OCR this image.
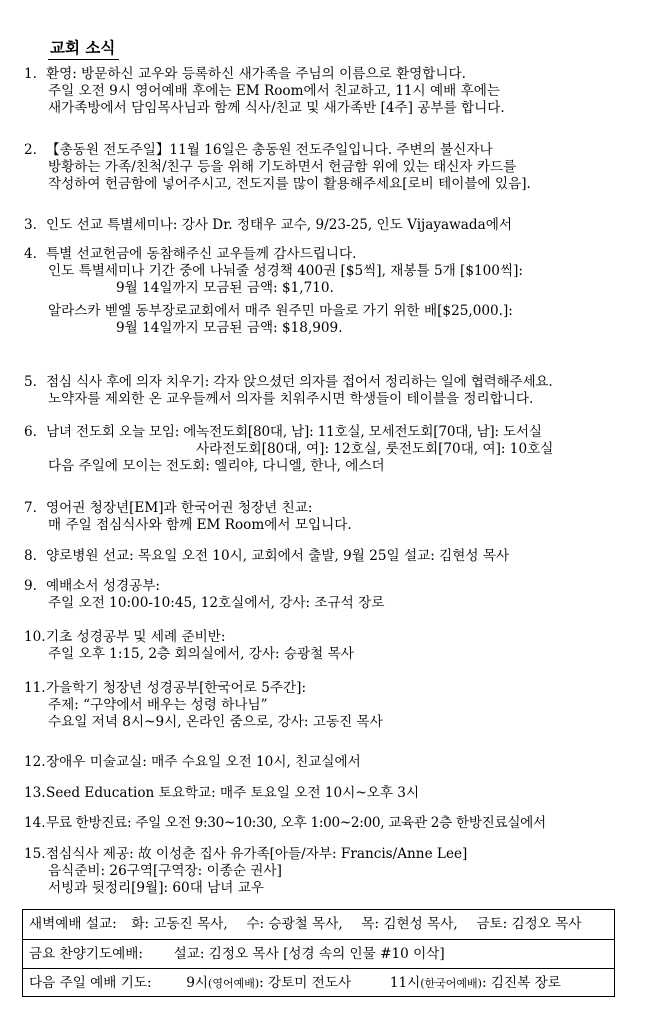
교회 소식
1. 환영: 방문하신 교우와 등록하신 새가족을 주님의 이름으로 환영합니다.
주일 오전 9시 영어예배 후에는 EM Room에서 친교하고, 11시 예배 후에는
새가족방에서 담임목사님과 함께 식사/친교 및 새가족반 [4주] 공부를 합니다.
2. 【총동원 전도주일】11월 16일은 총동원 전도주일입니다. 주변의 불신자나
방황하는 가족/친척/친구 등을 위해 기도하면서 헌금함 위에 있는 태신자 카드를
작성하여 헌금함에 넣어주시고, 전도지를 많이 활용해주세요[로비 테이블에 있음].
3. 인도 선교 특별세미나: 강사 Dr. 정태우 교수, 9/23-25, 인도 Vijayawada에서
4. 특별 선교헌금에 동참해주신 교우들께 감사드립니다.
인도 특별세미나 기간 중에 나눠줄 성경책 400권 [$5씩], 재봉틀 5개 [$100씩]:
9월 14일까지 모금된 금액: $1,710.
알라스카 벧엘 동부장로교회에서 매주 원주민 마을로 가기 위한 배[$25,000.]:
9월 14일까지 모금된 금액: $18,909.
5. 점심 식사 후에 의자 치우기: 각자 앉으셨던 의자를 접어서 정리하는 일에 협력해주세요.
노약자를 제외한 온 교우들께서 의자를 치워주시면 학생들이 테이블을 정리합니다.
6. 남녀 전도회 오늘 모임: 에녹전도회[80대, 남]: 11호실, 모세전도회[70대, 남]: 도서실
사라전도회[80대, 여]: 12호실, 룻전도회[70대, 여]: 10호실
다음 주일에 모이는 전도회: 엘리야, 다니엘, 한나, 에스더
7. 영어권 청장년[EM]과 한국어권 청장년 친교:
매 주일 점심식사와 함께 EM Room에서 모입니다.
8. 양로병원 선교: 목요일 오전 10시, 교회에서 출발, 9월 25일 설교: 김현성 목사
9. 예배소서 성경공부:
주일 오전 10:00-10:45, 12호실에서, 강사: 조규석 장로
10.기초 성경공부 및 세례 준비반:
주일 오후 1:15, 2층 회의실에서, 강사: 승광철 목사
11.가을학기 청장년 성경공부[한국어로 5주간]:
주제: “구약에서 배우는 성령 하나님”
수요일 저녁 8시~9시, 온라인 줌으로, 강사: 고동진 목사
12.장애우 미술교실: 매주 수요일 오전 10시, 친교실에서
13.Seed Education 토요학교: 매주 토요일 오전 10시~오후 3시
14.무료 한방진료: 주일 오전 9:30~10:30, 오후 1:00~2:00, 교육관 2층 한방진료실에서
15.점심식사 제공: 故 이성춘 집사 유가족[아들/자부: Francis/Anne Lee]
음식준비: 26구역[구역장: 이종순 권사]
서빙과 뒷정리[9월]: 60대 남녀 교우
새벽예배 설교: 화: 고동진 목사, 수: 승광철 목사, 목: 김현성 목사, 금토: 김정오 목사
금요 찬양기도예배: 설교: 김정오 목사 [성경 속의 인물 #10 이삭]
다음 주일 예배 기도:	9시(영어예배): 강토미 전도사	11시(한국어예배): 김진복 장로
